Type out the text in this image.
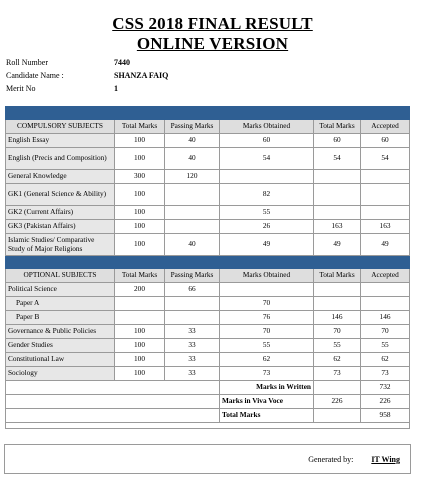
CSS 2018 FINAL RESULT
ONLINE VERSION
Roll Number	7440
Candidate Name :	SHANZA FAIQ
Merit No	1

COMPULSORY SUBJECTS	Total Marks	Passing Marks	Marks Obtained	Total Marks	Accepted
English Essay	100	40	60	60	60
English (Precis and Composition)	100	40	54	54	54
General Knowledge	300	120			
GK1 (General Science & Ability)	100		82		
GK2 (Current Affairs)	100		55		
GK3 (Pakistan Affairs)	100		26	163	163
Islamic Studies/ Comparative Study of Major Religions	100	40	49	49	49

OPTIONAL SUBJECTS	Total Marks	Passing Marks	Marks Obtained	Total Marks	Accepted
Political Science	200	66			
Paper A			70		
Paper B			76	146	146
Governance & Public Policies	100	33	70	70	70
Gender Studies	100	33	55	55	55
Constitutional Law	100	33	62	62	62
Sociology	100	33	73	73	73
			Marks in Written		732
			Marks in Viva Voce	226	226
			Total Marks		958

Generated by: IT Wing
